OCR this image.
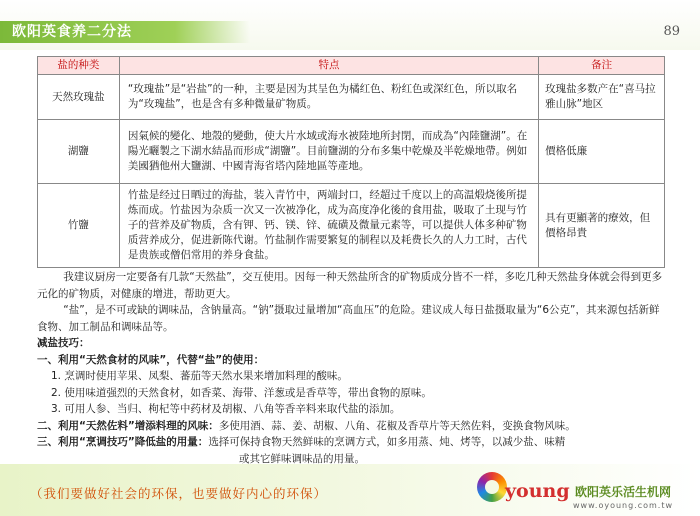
欧阳英食养二分法	89
盐的种类	特点	备注
天然玫瑰盐	“玫瑰盐”是“岩盐”的一种，主要是因为其呈色为橘红色、粉红色或深红色，所以取名为“玫瑰盐”，也是含有多种微量矿物质。	玫瑰盐多数产在“喜马拉雅山脉”地区
湖鹽	因氣候的變化、地殼的變動，使大片水域或海水被陸地所封閉，而成為“內陸鹽湖”。在陽光曬製之下湖水結晶而形成“湖鹽”。目前鹽湖的分布多集中乾燥及半乾燥地帶。例如美國猶他州大鹽湖、中國青海省塔內陸地區等產地。	價格低廉
竹鹽	竹盐是经过日晒过的海盐，装入青竹中，两端封口，经超过千度以上的高温煅烧後所提炼而成。竹盐因为杂质一次又一次被净化，成为高度净化後的食用盐，吸取了土现与竹子的营养及矿物质，含有钾、钙、镁、锌、硫磺及微量元素等，可以提供人体多种矿物质营养成分，促进新陈代谢。竹盐制作需要繁复的制程以及耗费长久的人力工时，古代是贵族或僧侣常用的养身食盐。	具有更顯著的療效，但價格昂貴

我建议厨房一定要备有几款“天然盐”，交互使用。因每一种天然盐所含的矿物质成分皆不一样，多吃几种天然盐身体就会得到更多元化的矿物质，对健康的增进，帮助更大。

“盐”，是不可或缺的调味品，含钠量高。“钠”摄取过量增加“高血压”的危险。建议成人每日盐摄取量为“6公克”，其来源包括新鲜食物、加工制品和调味品等。

减盐技巧：

一、利用“天然食材的风味”，代替“盐”的使用：

1. 烹调时使用苹果、凤梨、蕃茄等天然水果来增加料理的酸味。

2. 使用味道强烈的天然食材，如香菜、海带、洋葱或是香草等，带出食物的原味。

3. 可用人参、当归、枸杞等中药材及胡椒、八角等香辛料来取代盐的添加。

二、利用“天然佐料”增添料理的风味：多使用酒、蒜、姜、胡椒、八角、花椒及香草片等天然佐料，变换食物风味。

三、利用“烹调技巧”降低盐的用量：选择可保持食物天然鲜味的烹调方式，如多用蒸、炖、烤等，以减少盐、味精

或其它鲜味调味品的用量。

（我们要做好社会的环保，也要做好内心的环保）	young 欧阳英乐活生机网
www.oyoung.com.tw
